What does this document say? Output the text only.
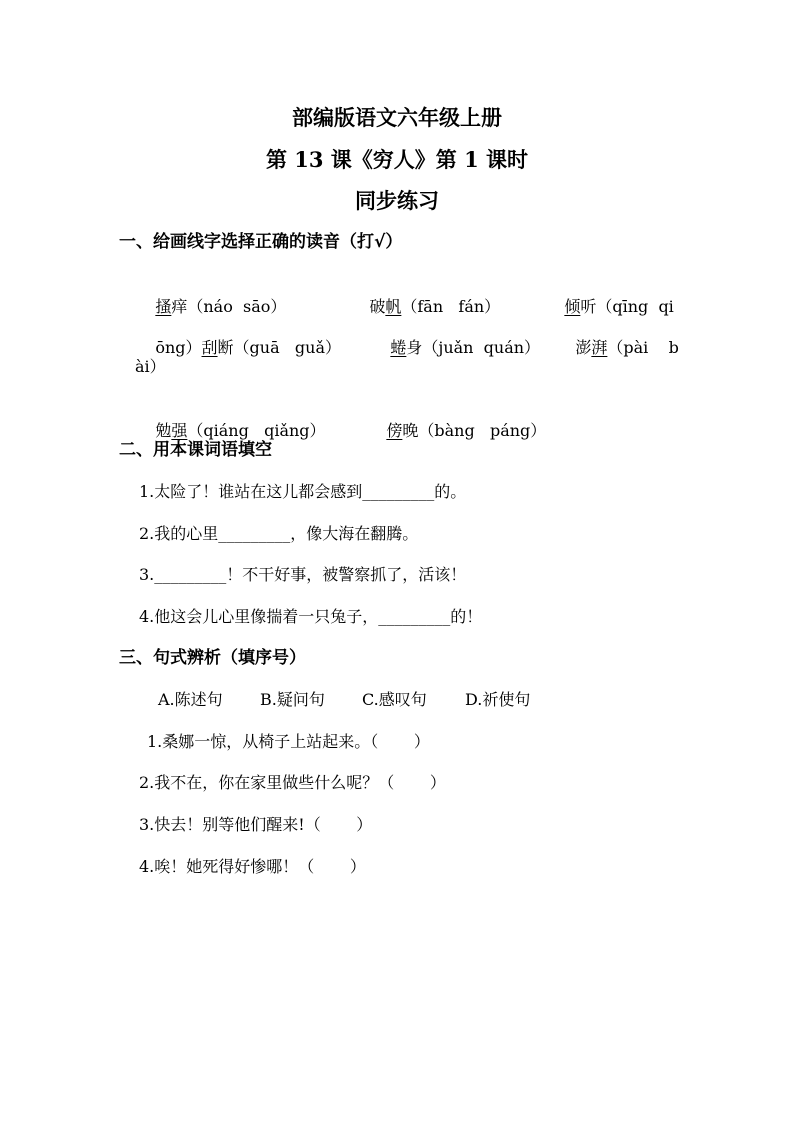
部编版语文六年级上册
第 13 课《穷人》第 1 课时
同步练习
一、给画线字选择正确的读音（打√）

搔痒（náo  sāo）
	破帆（fān   fán）
	倾听（qīng  qi

ōng）刮断（guā   guǎ）
	蜷身（juǎn  quán）
	澎湃（pài    b

ài）

勉强（qiáng   qiǎng）
	傍晚（bàng   páng）

二、用本课词语填空
1.太险了！谁站在这儿都会感到_________的。
2.我的心里_________，像大海在翻腾。
3._________！不干好事，被警察抓了，活该！
4.他这会儿心里像揣着一只兔子，_________的！
三、句式辨析（填序号）
A.陈述句 B.疑问句 C.感叹句 D.祈使句
1.桑娜一惊，从椅子上站起来。（       ）
2.我不在，你在家里做些什么呢？（       ）
3.快去！别等他们醒来!（       ）
4.唉！她死得好惨哪！（       ）
